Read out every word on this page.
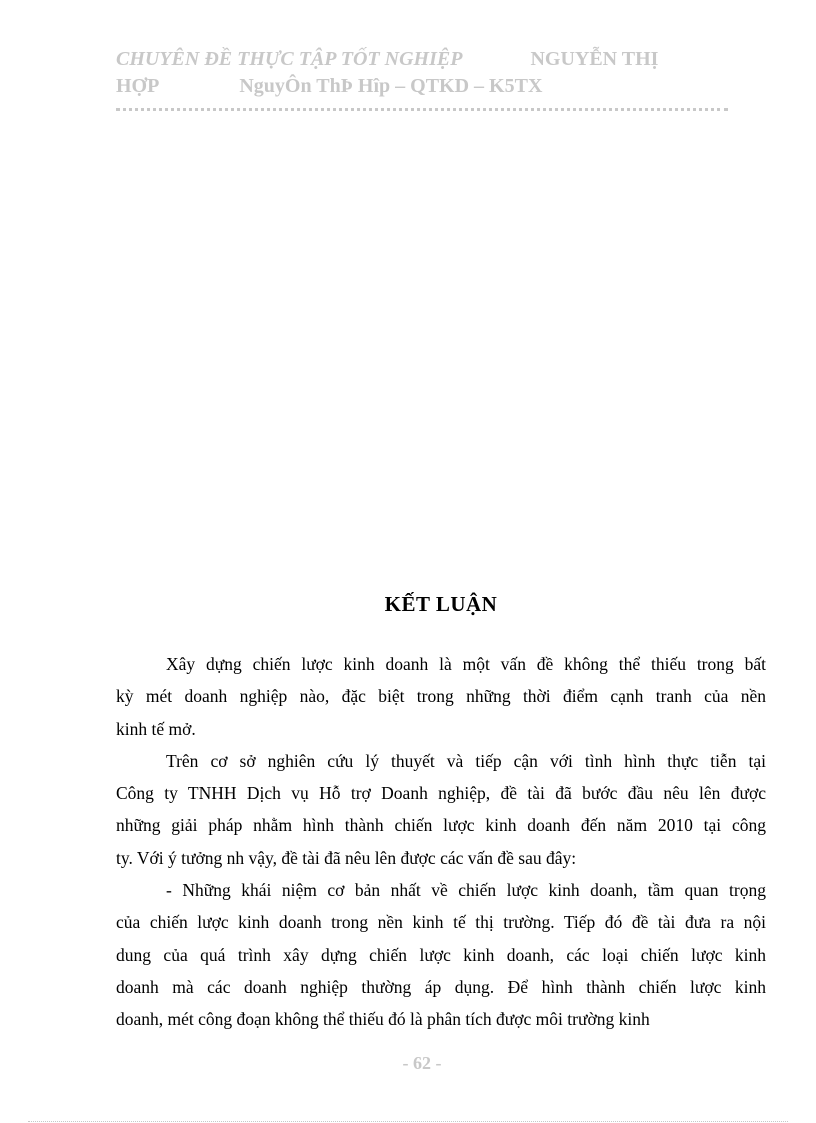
CHUYÊN ĐỀ THỰC TẬP TỐT NGHIỆP	NGUYỄN THỊ
HỢP	NguyÔn ThÞ Hîp – QTKD – K5TX
KẾT LUẬN
Xây dựng chiến lược kinh doanh là một vấn đề không thể thiếu trong bất
kỳ mét doanh nghiệp nào, đặc biệt trong những thời điểm cạnh tranh của nền
kinh tế mở.
Trên cơ sở nghiên cứu lý thuyết và tiếp cận với tình hình thực tiễn tại
Công ty TNHH Dịch vụ Hỗ trợ Doanh nghiệp, đề tài đã bước đầu nêu lên được
những giải pháp nhằm hình thành chiến lược kinh doanh đến năm 2010 tại công
ty. Với ý tưởng nh vậy, đề tài đã nêu lên được các vấn đề sau đây:
- Những khái niệm cơ bản nhất về chiến lược kinh doanh, tầm quan trọng
của chiến lược kinh doanh trong nền kinh tế thị trường. Tiếp đó đề tài đưa ra nội
dung của quá trình xây dựng chiến lược kinh doanh, các loại chiến lược kinh
doanh mà các doanh nghiệp thường áp dụng. Để hình thành chiến lược kinh
doanh, mét công đoạn không thể thiếu đó là phân tích được môi trường kinh
- 62 -
